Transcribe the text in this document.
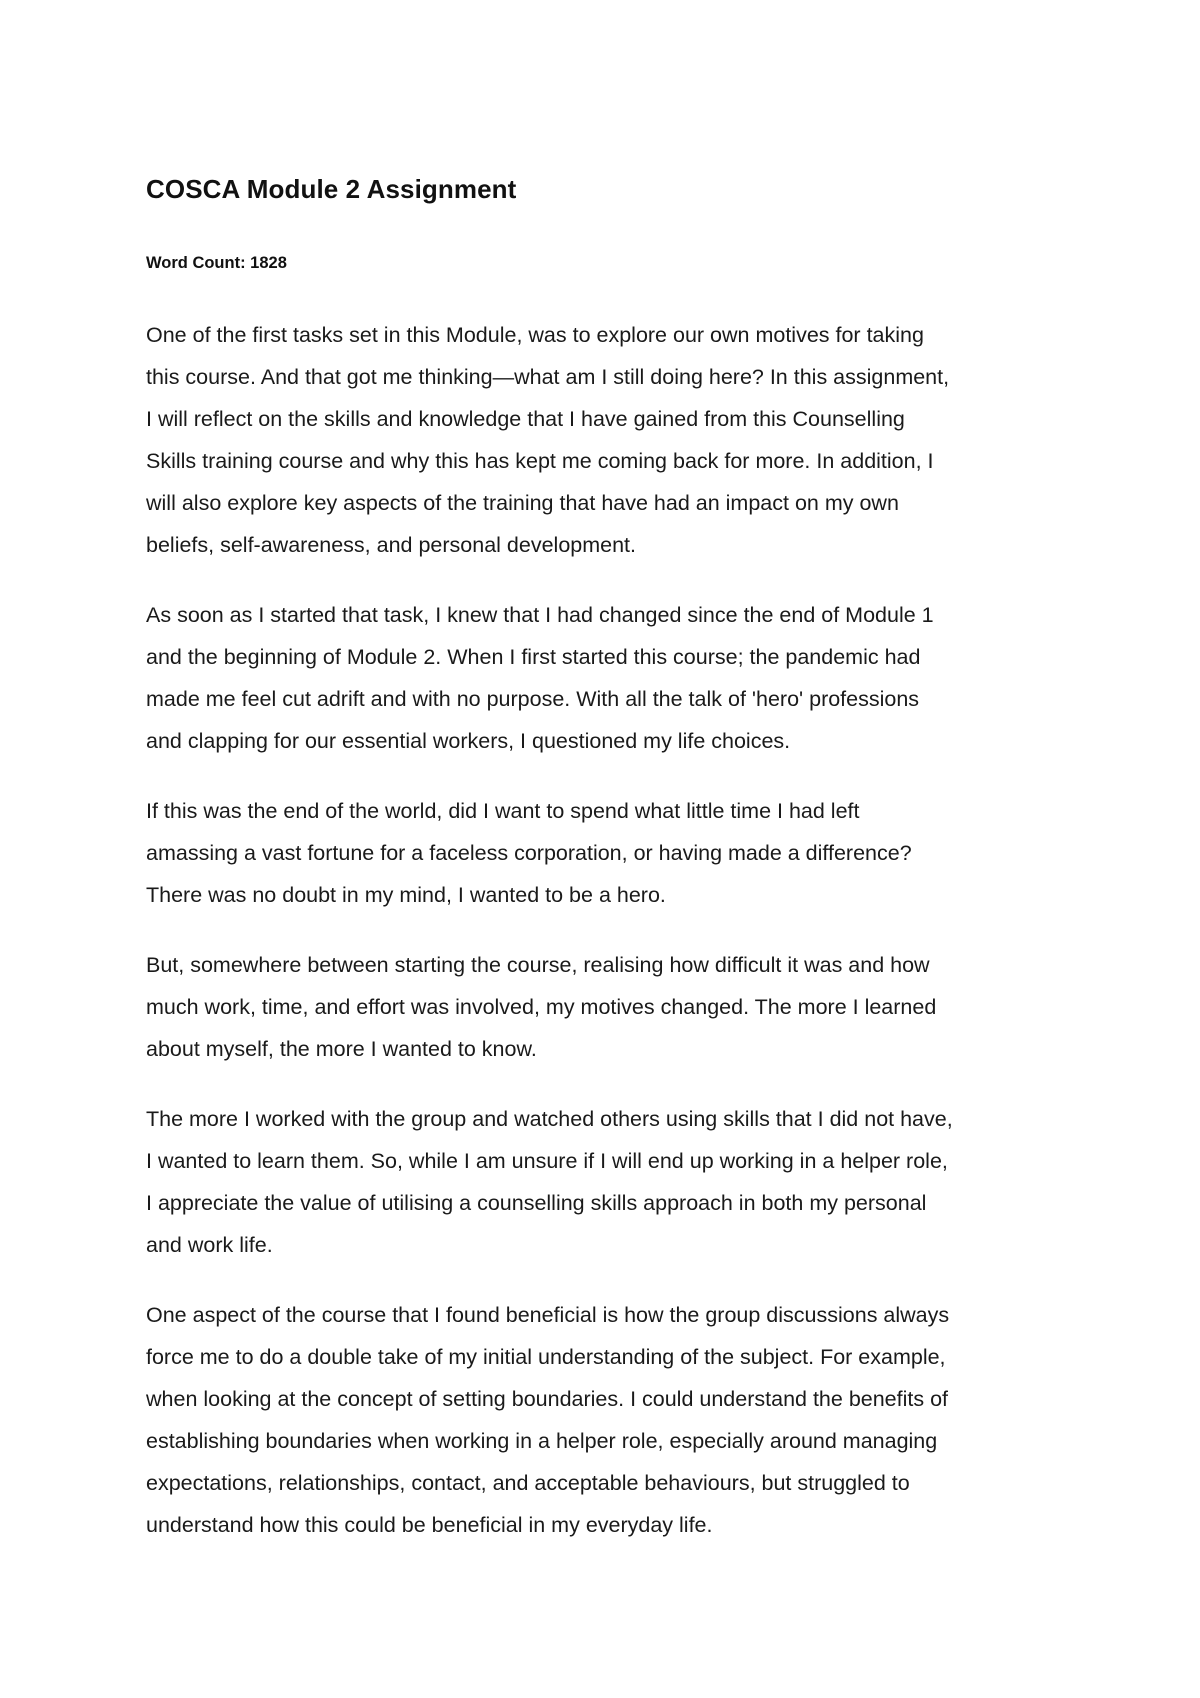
COSCA Module 2 Assignment

Word Count: 1828

One of the first tasks set in this Module, was to explore our own motives for taking
this course. And that got me thinking—what am I still doing here? In this assignment,
I will reflect on the skills and knowledge that I have gained from this Counselling
Skills training course and why this has kept me coming back for more. In addition, I
will also explore key aspects of the training that have had an impact on my own
beliefs, self-awareness, and personal development.

As soon as I started that task, I knew that I had changed since the end of Module 1
and the beginning of Module 2. When I first started this course; the pandemic had
made me feel cut adrift and with no purpose. With all the talk of 'hero' professions
and clapping for our essential workers, I questioned my life choices.

If this was the end of the world, did I want to spend what little time I had left
amassing a vast fortune for a faceless corporation, or having made a difference?
There was no doubt in my mind, I wanted to be a hero.

But, somewhere between starting the course, realising how difficult it was and how
much work, time, and effort was involved, my motives changed. The more I learned
about myself, the more I wanted to know.

The more I worked with the group and watched others using skills that I did not have,
I wanted to learn them. So, while I am unsure if I will end up working in a helper role,
I appreciate the value of utilising a counselling skills approach in both my personal
and work life.

One aspect of the course that I found beneficial is how the group discussions always
force me to do a double take of my initial understanding of the subject. For example,
when looking at the concept of setting boundaries. I could understand the benefits of
establishing boundaries when working in a helper role, especially around managing
expectations, relationships, contact, and acceptable behaviours, but struggled to
understand how this could be beneficial in my everyday life.
